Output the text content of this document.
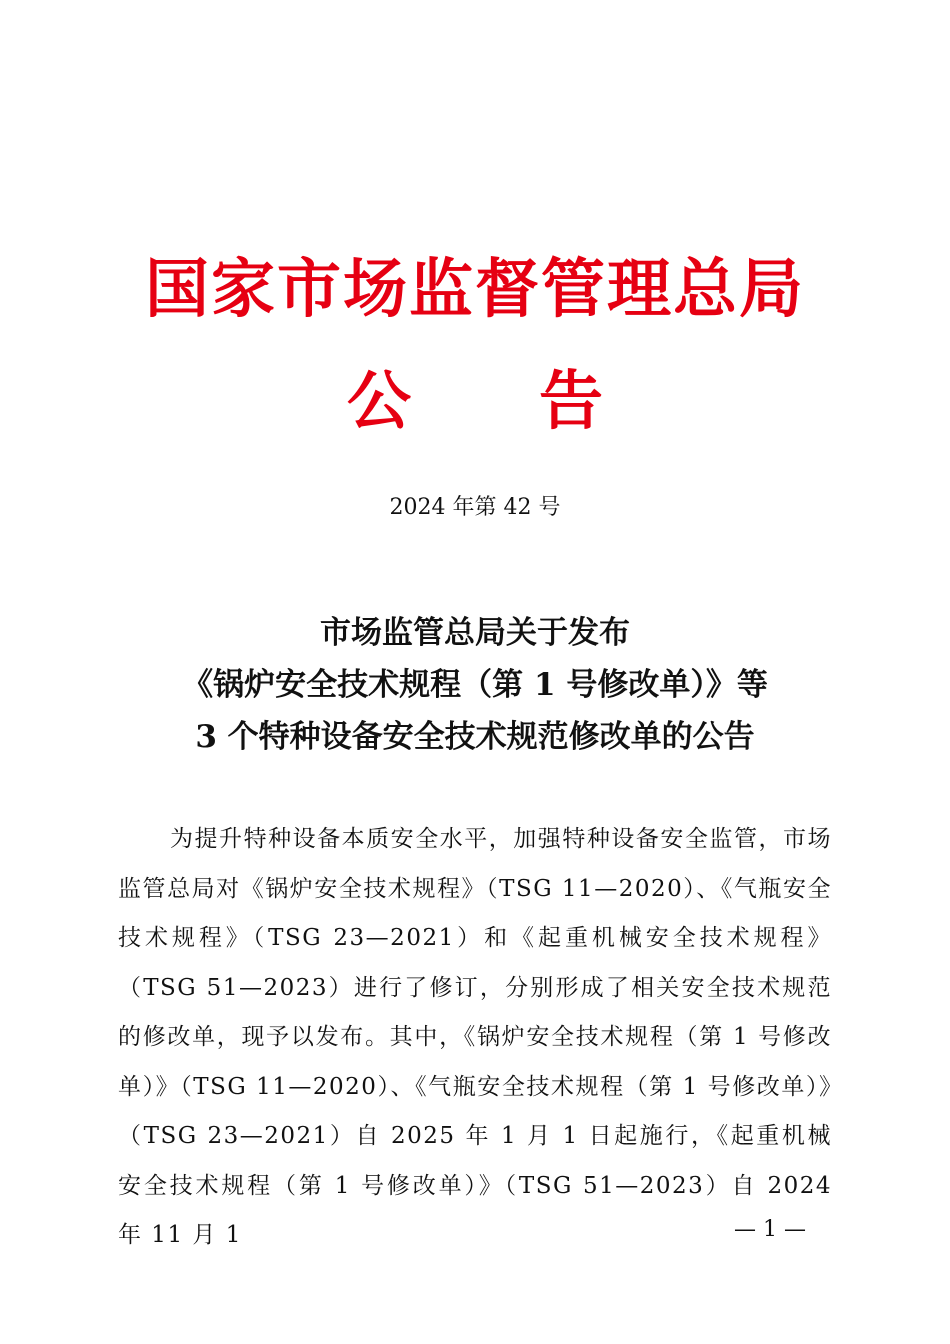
国家市场监督管理总局
公 告
2024 年第 42 号
市场监管总局关于发布
《锅炉安全技术规程（第 1 号修改单）》等
3 个特种设备安全技术规范修改单的公告
为提升特种设备本质安全水平，加强特种设备安全监管，市场监管总局对《锅炉安全技术规程》（TSG 11—2020）、《气瓶安全技术规程》（TSG 23—2021）和《起重机械安全技术规程》（TSG 51—2023）进行了修订，分别形成了相关安全技术规范的修改单，现予以发布。其中，《锅炉安全技术规程（第 1 号修改单）》（TSG 11—2020）、《气瓶安全技术规程（第 1 号修改单）》（TSG 23—2021）自 2025 年 1 月 1 日起施行，《起重机械安全技术规程（第 1 号修改单）》（TSG 51—2023）自 2024 年 11 月 1	— 1 —
